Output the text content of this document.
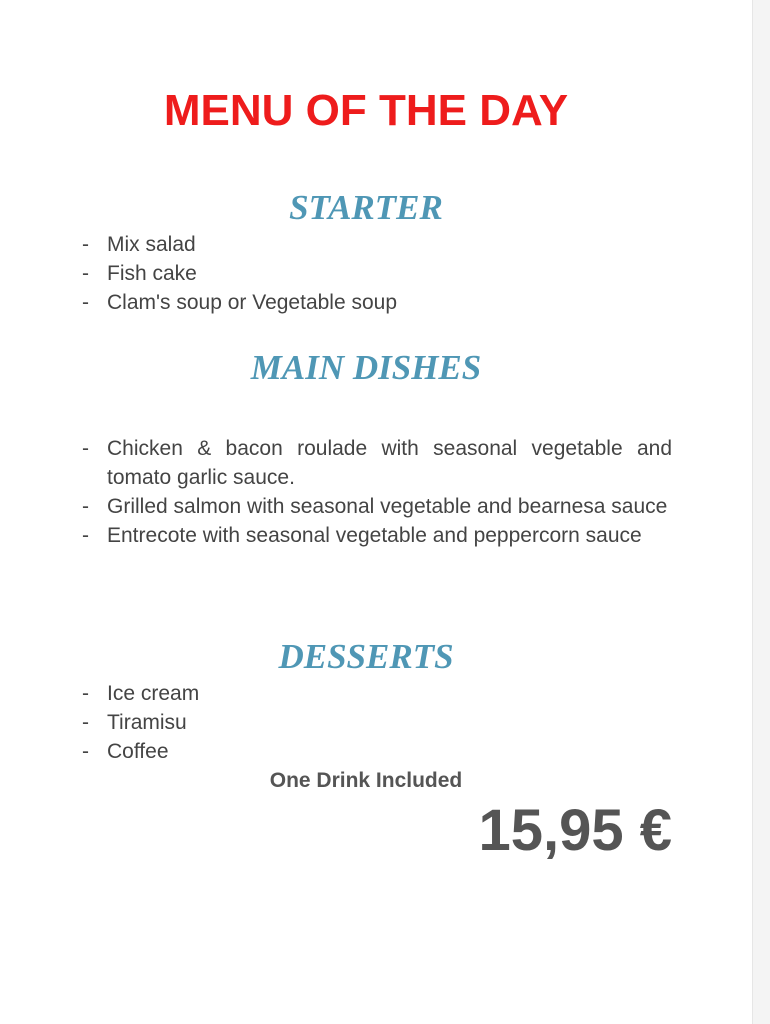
MENU OF THE DAY
STARTER
- Mix salad
- Fish cake
- Clam's soup or Vegetable soup
MAIN DISHES
- Chicken & bacon roulade with seasonal vegetable and tomato garlic sauce.
- Grilled salmon with seasonal vegetable and bearnesa sauce
- Entrecote with seasonal vegetable and peppercorn sauce
DESSERTS
- Ice cream
- Tiramisu
- Coffee
One Drink Included
15,95 €
